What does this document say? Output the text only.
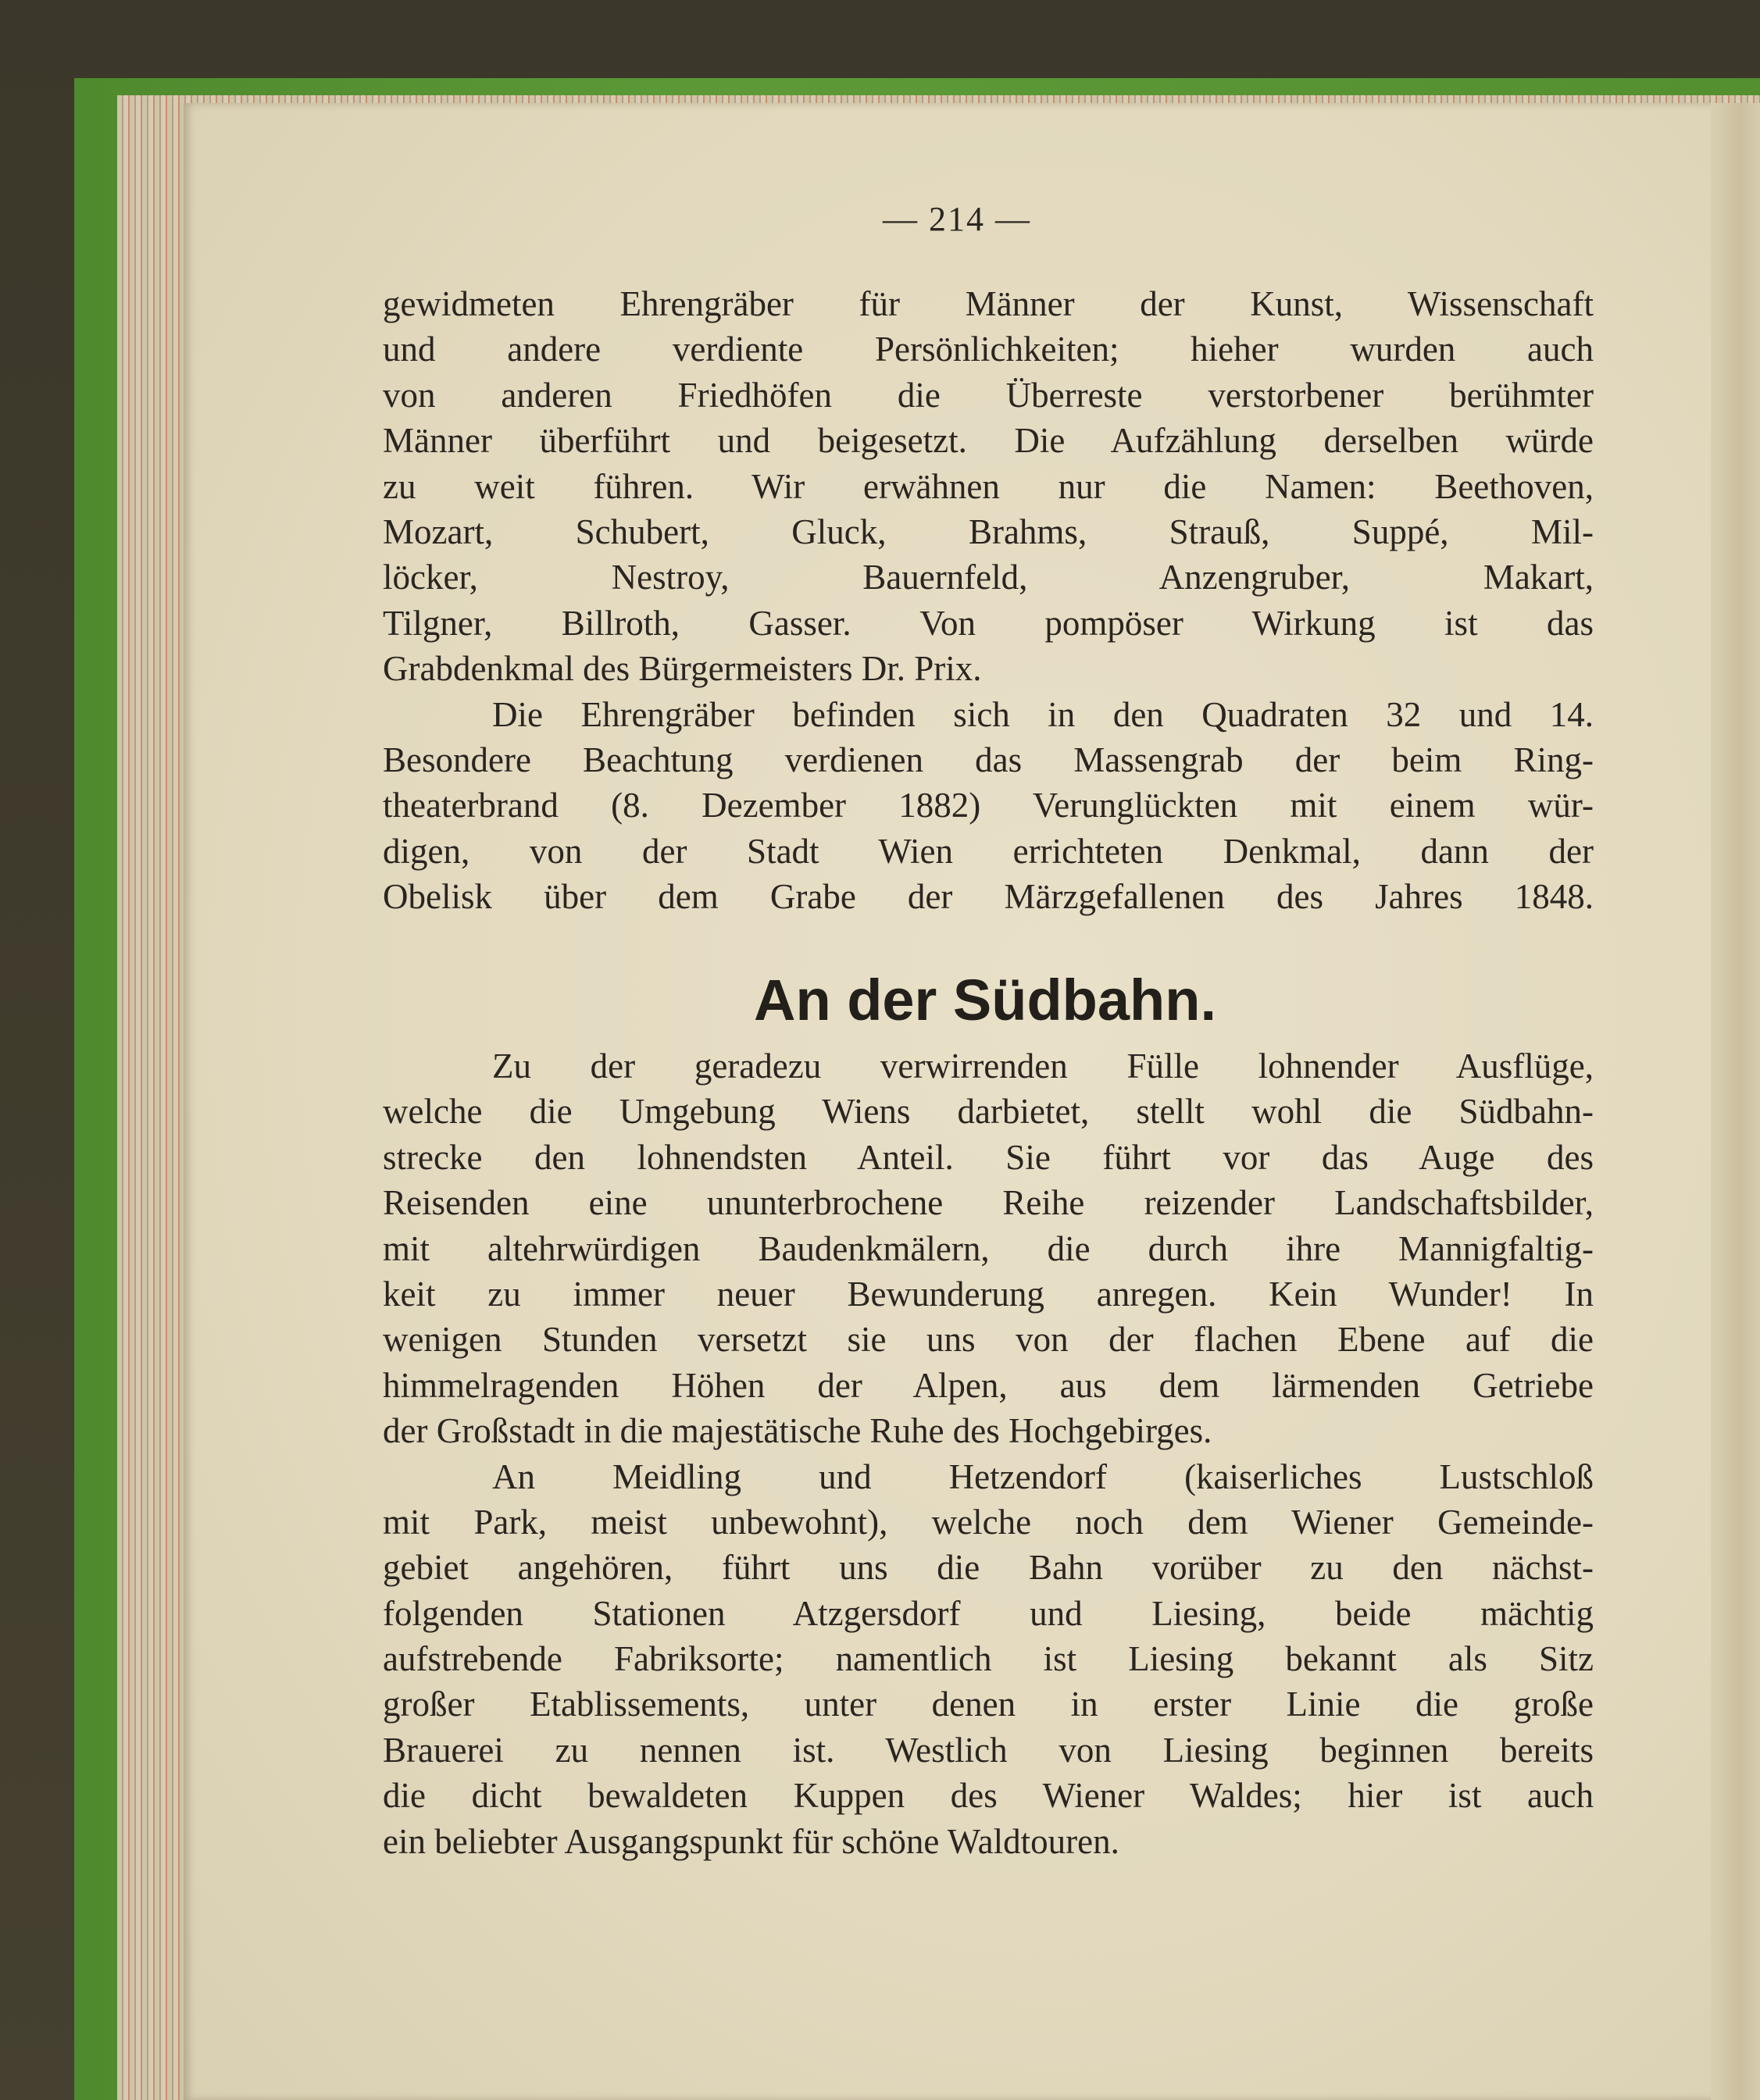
— 214 —
gewidmeten Ehrengräber für Männer der Kunst, Wissenschaft
und andere verdiente Persönlichkeiten; hieher wurden auch
von anderen Friedhöfen die Überreste verstorbener berühmter
Männer überführt und beigesetzt. Die Aufzählung derselben würde
zu weit führen. Wir erwähnen nur die Namen: Beethoven,
Mozart, Schubert, Gluck, Brahms, Strauß, Suppé, Mil-
löcker, Nestroy, Bauernfeld, Anzengruber, Makart,
Tilgner, Billroth, Gasser. Von pompöser Wirkung ist das
Grabdenkmal des Bürgermeisters Dr. Prix.
Die Ehrengräber befinden sich in den Quadraten 32 und 14.
Besondere Beachtung verdienen das Massengrab der beim Ring-
theaterbrand (8. Dezember 1882) Verunglückten mit einem wür-
digen, von der Stadt Wien errichteten Denkmal, dann der
Obelisk über dem Grabe der Märzgefallenen des Jahres 1848.
An der Südbahn.
Zu der geradezu verwirrenden Fülle lohnender Ausflüge,
welche die Umgebung Wiens darbietet, stellt wohl die Südbahn-
strecke den lohnendsten Anteil. Sie führt vor das Auge des
Reisenden eine ununterbrochene Reihe reizender Landschaftsbilder,
mit altehrwürdigen Baudenkmälern, die durch ihre Mannigfaltig-
keit zu immer neuer Bewunderung anregen. Kein Wunder! In
wenigen Stunden versetzt sie uns von der flachen Ebene auf die
himmelragenden Höhen der Alpen, aus dem lärmenden Getriebe
der Großstadt in die majestätische Ruhe des Hochgebirges.
An Meidling und Hetzendorf (kaiserliches Lustschloß
mit Park, meist unbewohnt), welche noch dem Wiener Gemeinde-
gebiet angehören, führt uns die Bahn vorüber zu den nächst-
folgenden Stationen Atzgersdorf und Liesing, beide mächtig
aufstrebende Fabriksorte; namentlich ist Liesing bekannt als Sitz
großer Etablissements, unter denen in erster Linie die große
Brauerei zu nennen ist. Westlich von Liesing beginnen bereits
die dicht bewaldeten Kuppen des Wiener Waldes; hier ist auch
ein beliebter Ausgangspunkt für schöne Waldtouren.
